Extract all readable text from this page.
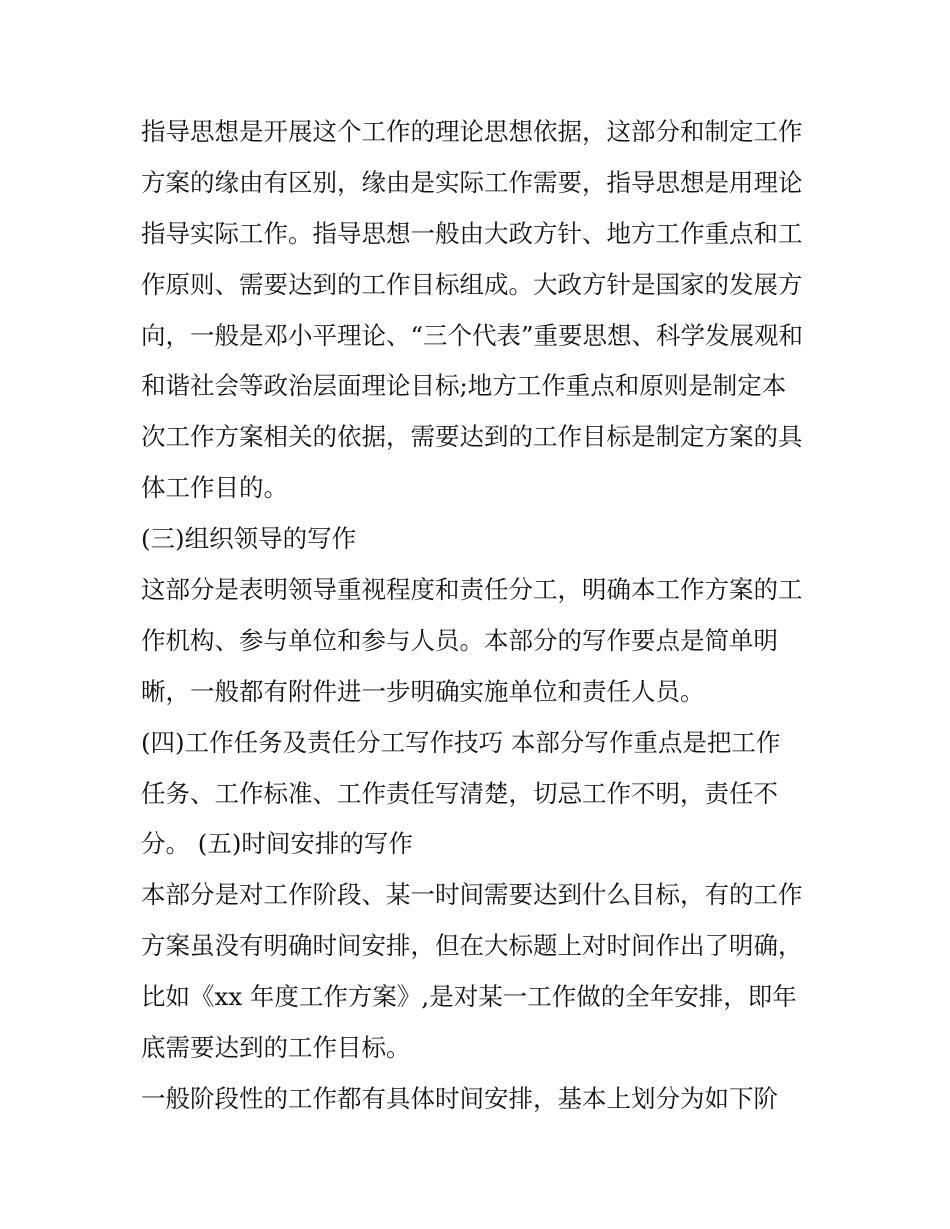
指导思想是开展这个工作的理论思想依据，这部分和制定工作
方案的缘由有区别，缘由是实际工作需要，指导思想是用理论
指导实际工作。指导思想一般由大政方针、地方工作重点和工
作原则、需要达到的工作目标组成。大政方针是国家的发展方
向，一般是邓小平理论、“三个代表”重要思想、科学发展观和
和谐社会等政治层面理论目标;地方工作重点和原则是制定本
次工作方案相关的依据，需要达到的工作目标是制定方案的具
体工作目的。
(三)组织领导的写作
这部分是表明领导重视程度和责任分工，明确本工作方案的工
作机构、参与单位和参与人员。本部分的写作要点是简单明
晰，一般都有附件进一步明确实施单位和责任人员。
(四)工作任务及责任分工写作技巧 本部分写作重点是把工作
任务、工作标准、工作责任写清楚，切忌工作不明，责任不
分。 (五)时间安排的写作
本部分是对工作阶段、某一时间需要达到什么目标，有的工作
方案虽没有明确时间安排，但在大标题上对时间作出了明确，
比如《xx 年度工作方案》,是对某一工作做的全年安排，即年
底需要达到的工作目标。
一般阶段性的工作都有具体时间安排，基本上划分为如下阶
